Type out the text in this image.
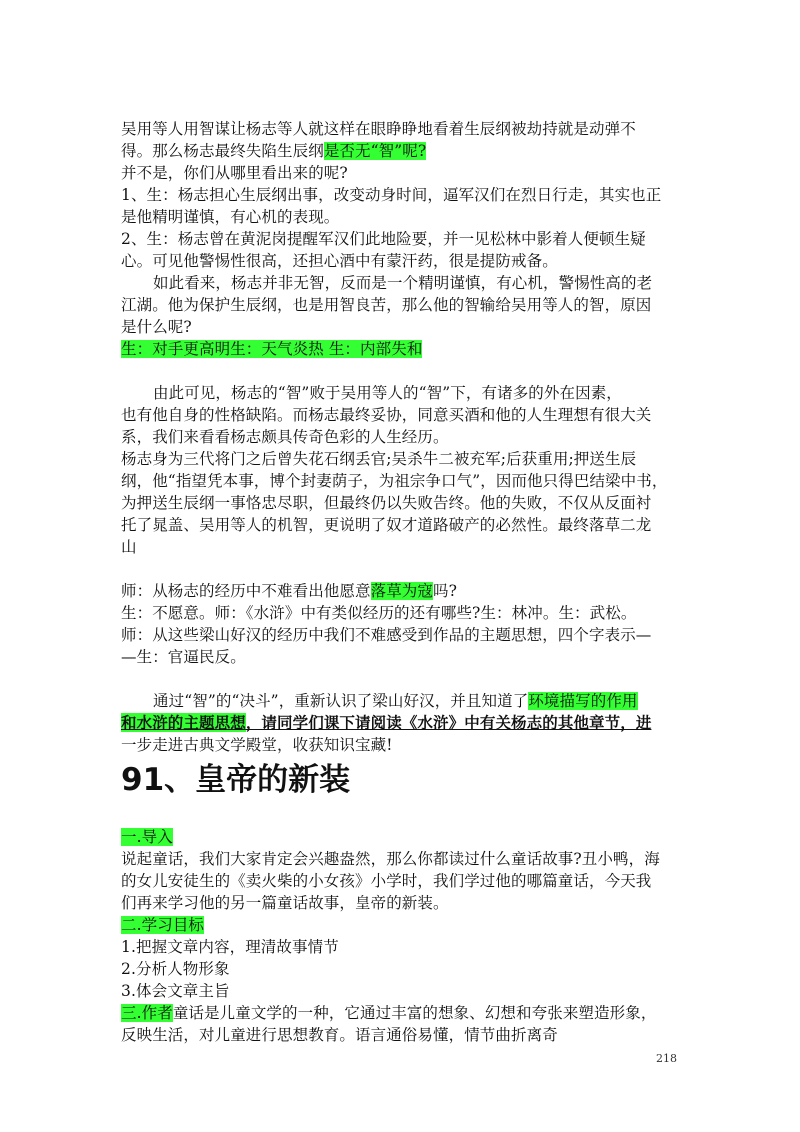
吴用等人用智谋让杨志等人就这样在眼睁睁地看着生辰纲被劫持就是动弹不
得。那么杨志最终失陷生辰纲是否无“智”呢?
并不是，你们从哪里看出来的呢?
1、生：杨志担心生辰纲出事，改变动身时间，逼军汉们在烈日行走，其实也正
是他精明谨慎，有心机的表现。
2、生：杨志曾在黄泥岗提醒军汉们此地险要，并一见松林中影着人便顿生疑
心。可见他警惕性很高，还担心酒中有蒙汗药，很是提防戒备。
如此看来，杨志并非无智，反而是一个精明谨慎，有心机，警惕性高的老
江湖。他为保护生辰纲，也是用智良苦，那么他的智输给吴用等人的智，原因
是什么呢?
生：对手更高明生：天气炎热 生：内部失和
由此可见，杨志的“智”败于吴用等人的“智”下，有诸多的外在因素，
也有他自身的性格缺陷。而杨志最终妥协，同意买酒和他的人生理想有很大关
系，我们来看看杨志颇具传奇色彩的人生经历。
杨志身为三代将门之后曾失花石纲丢官;吴杀牛二被充军;后获重用;押送生辰
纲，他“指望凭本事，博个封妻荫子，为祖宗争口气”，因而他只得巴结梁中书，
为押送生辰纲一事恪忠尽职，但最终仍以失败告终。他的失败，不仅从反面衬
托了晁盖、吴用等人的机智，更说明了奴才道路破产的必然性。最终落草二龙
山
师：从杨志的经历中不难看出他愿意落草为寇吗?
生：不愿意。师：《水浒》中有类似经历的还有哪些?生：林冲。生：武松。
师：从这些梁山好汉的经历中我们不难感受到作品的主题思想，四个字表示—
—生：官逼民反。
通过“智”的“决斗”，重新认识了梁山好汉，并且知道了环境描写的作用
和水浒的主题思想，请同学们课下请阅读《水浒》中有关杨志的其他章节，进
一步走进古典文学殿堂，收获知识宝藏!
91、皇帝的新装
一.导入
说起童话，我们大家肯定会兴趣盎然，那么你都读过什么童话故事?丑小鸭，海
的女儿安徒生的《卖火柴的小女孩》小学时，我们学过他的哪篇童话，今天我
们再来学习他的另一篇童话故事，皇帝的新装。
二.学习目标
1.把握文章内容，理清故事情节
2.分析人物形象
3.体会文章主旨
三.作者童话是儿童文学的一种，它通过丰富的想象、幻想和夸张来塑造形象，
反映生活，对儿童进行思想教育。语言通俗易懂，情节曲折离奇
218
